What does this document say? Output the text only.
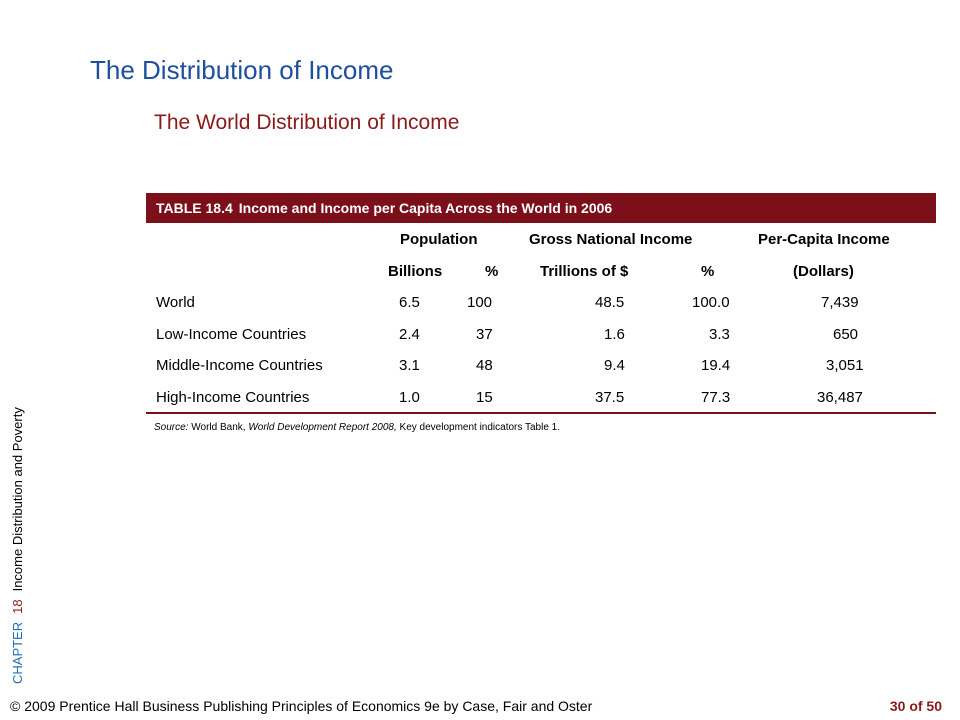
The Distribution of Income
The World Distribution of Income
CHAPTER18Income Distribution and Poverty
TABLE 18.4 Income and Income per Capita Across the World in 2006
Population	Gross National Income	Per-Capita Income
Billions	%	Trillions of $	%	(Dollars)
World	6.5	100	48.5	100.0	7,439
Low-Income Countries	2.4	37	1.6	3.3	650
Middle-Income Countries	3.1	48	9.4	19.4	3,051
High-Income Countries	1.0	15	37.5	77.3	36,487
Source: World Bank, World Development Report 2008, Key development indicators Table 1.
© 2009 Prentice Hall Business Publishing Principles of Economics 9e by Case, Fair and Oster	30 of 50
